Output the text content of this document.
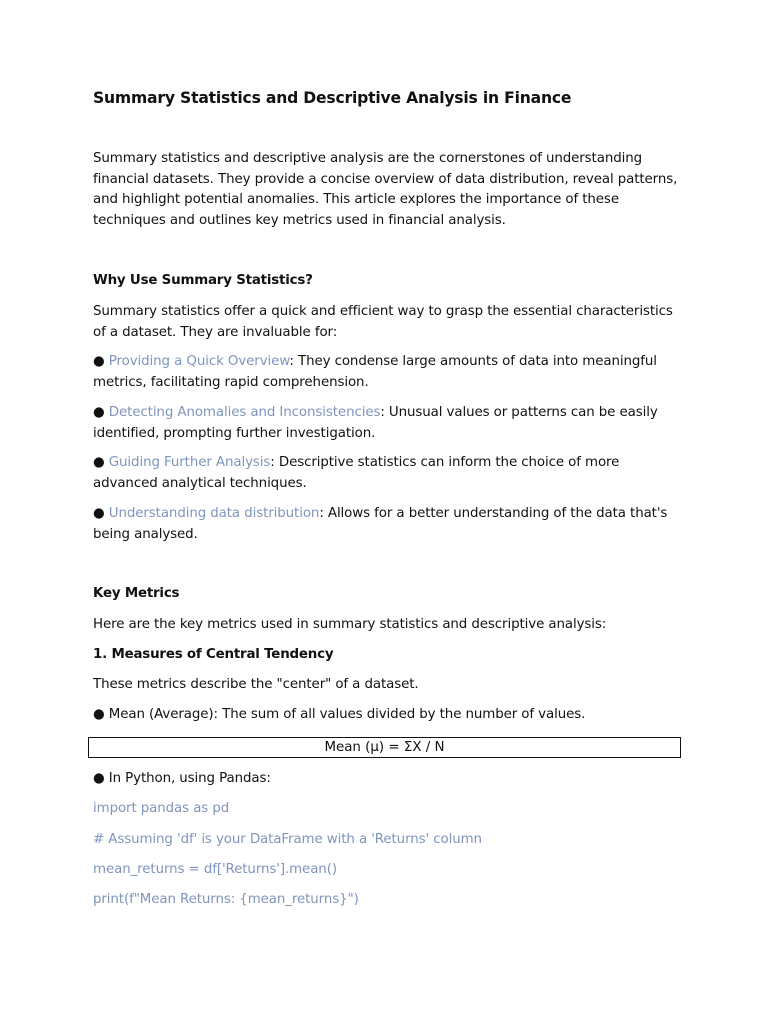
Summary Statistics and Descriptive Analysis in Finance
Summary statistics and descriptive analysis are the cornerstones of understanding financial datasets. They provide a concise overview of data distribution, reveal patterns, and highlight potential anomalies. This article explores the importance of these techniques and outlines key metrics used in financial analysis.
Why Use Summary Statistics?
Summary statistics offer a quick and efficient way to grasp the essential characteristics of a dataset. They are invaluable for:
● Providing a Quick Overview: They condense large amounts of data into meaningful metrics, facilitating rapid comprehension.
● Detecting Anomalies and Inconsistencies: Unusual values or patterns can be easily identified, prompting further investigation.
● Guiding Further Analysis: Descriptive statistics can inform the choice of more advanced analytical techniques.
● Understanding data distribution: Allows for a better understanding of the data that's being analysed.
Key Metrics
Here are the key metrics used in summary statistics and descriptive analysis:
1. Measures of Central Tendency
These metrics describe the "center" of a dataset.
● Mean (Average): The sum of all values divided by the number of values.
Mean (μ) = ΣX / N
● In Python, using Pandas:
import pandas as pd
# Assuming 'df' is your DataFrame with a 'Returns' column
mean_returns = df['Returns'].mean()
print(f"Mean Returns: {mean_returns}")
